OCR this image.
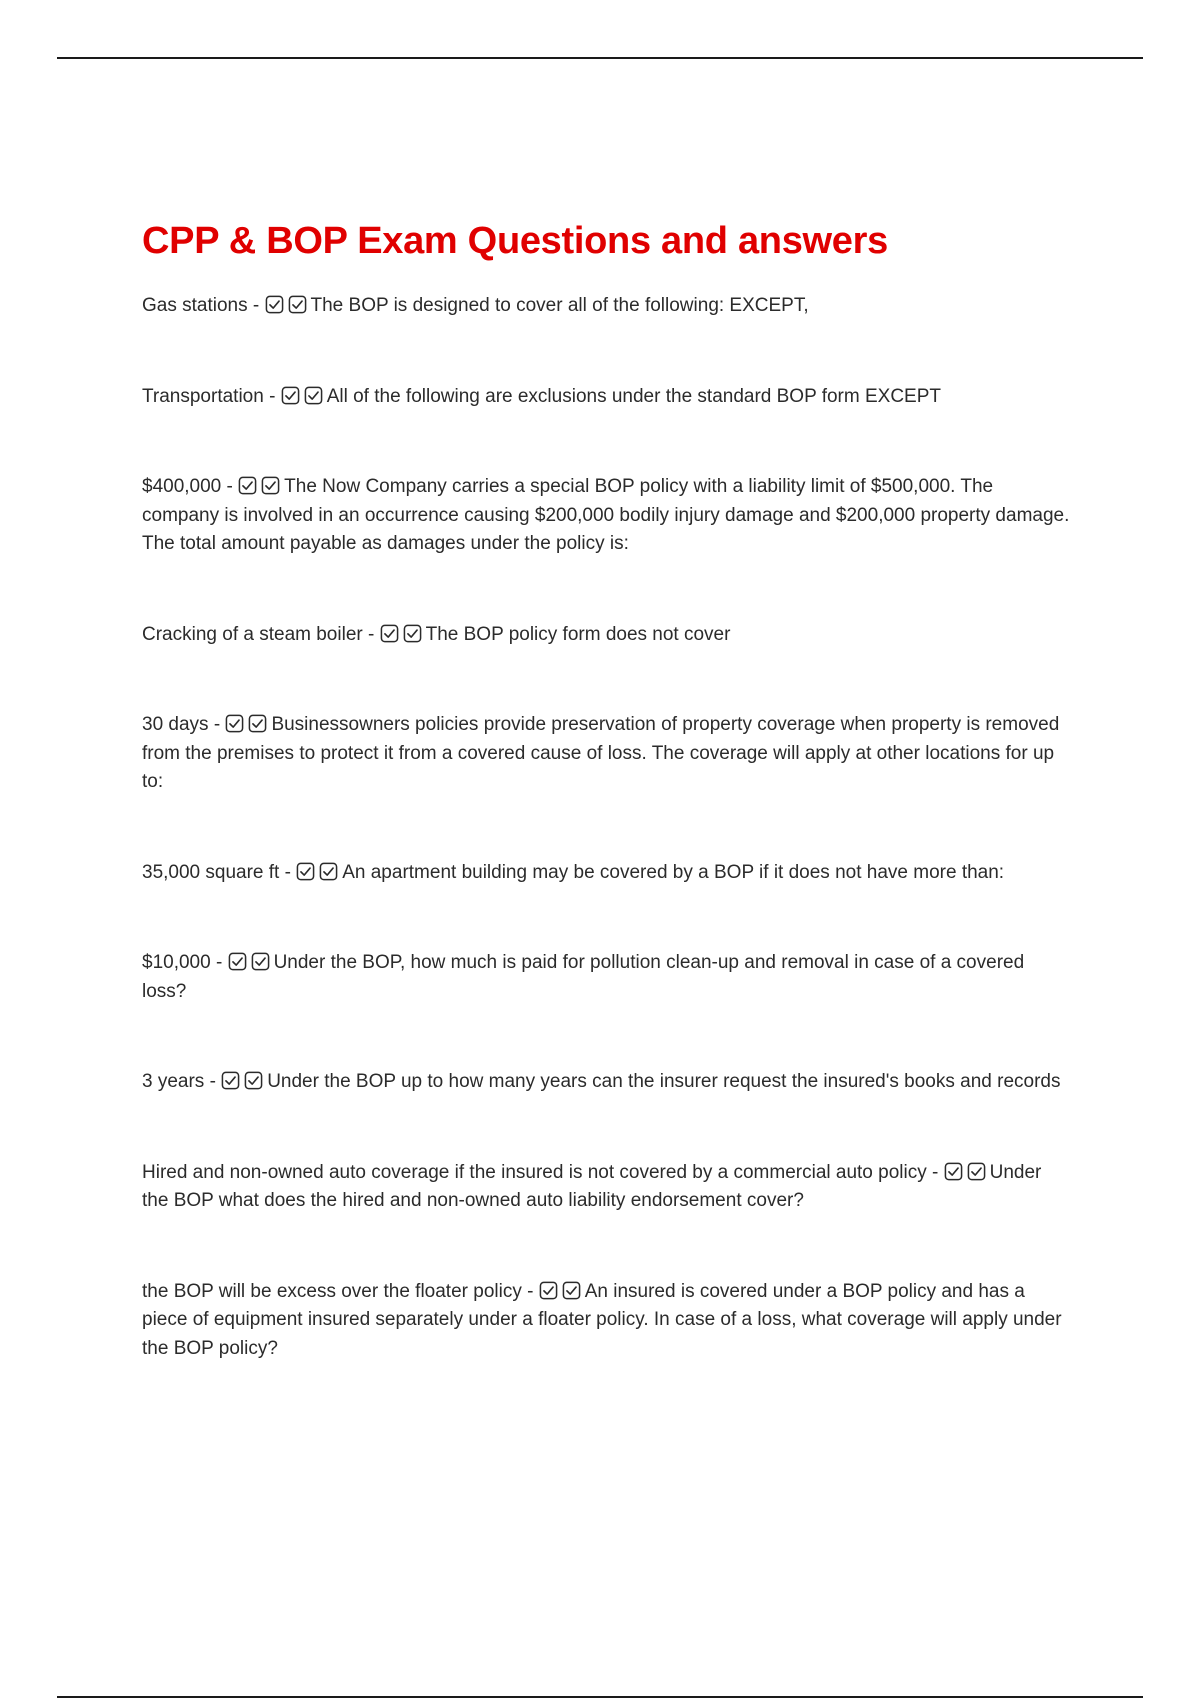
CPP & BOP Exam Questions and answers

Gas stations -
The BOP is designed to cover all of the following: EXCEPT,

Transportation -
All of the following are exclusions under the standard BOP form EXCEPT

$400,000 -
The Now Company carries a special BOP policy with a liability limit of $500,000. The company is involved in an occurrence causing $200,000 bodily injury damage and $200,000 property damage. The total amount payable as damages under the policy is:

Cracking of a steam boiler -
The BOP policy form does not cover

30 days -
Businessowners policies provide preservation of property coverage when property is removed from the premises to protect it from a covered cause of loss. The coverage will apply at other locations for up to:

35,000 square ft -
An apartment building may be covered by a BOP if it does not have more than:

$10,000 -
Under the BOP, how much is paid for pollution clean-up and removal in case of a covered loss?

3 years -
Under the BOP up to how many years can the insurer request the insured's books and records

Hired and non-owned auto coverage if the insured is not covered by a commercial auto policy -
Under the BOP what does the hired and non-owned auto liability endorsement cover?

the BOP will be excess over the floater policy -
An insured is covered under a BOP policy and has a piece of equipment insured separately under a floater policy. In case of a loss, what coverage will apply under the BOP policy?
